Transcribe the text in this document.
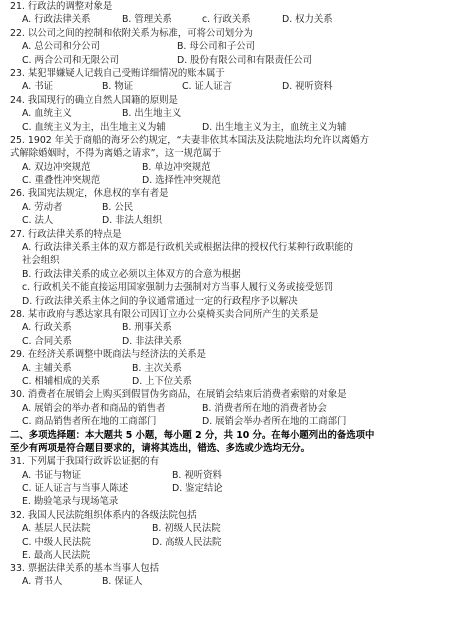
21. 行政法的调整对象是
A. 行政法律关系	B. 管理关系	c. 行政关系	D. 权力关系
22. 以公司之间的控制和依附关系为标准，可将公司划分为
A. 总公司和分公司	B. 母公司和子公司
C. 两合公司和无限公司	D. 股份有限公司和有限责任公司
23. 某犯罪嫌疑人记载自己受贿详细情况的账本属于
A. 书证	B. 物证	C. 证人证言	D. 视听资料
24. 我国现行的确立自然人国籍的原则是
A. 血统主义	B. 出生地主义
C. 血统主义为主，出生地主义为辅	D. 出生地主义为主，血统主义为辅
25. 1902 年关于商船的海牙公约规定，“夫妻非依其本国法及法院地法均允许以离婚方
式解除婚姻时，不得为离婚之请求”，这一规范属于
A. 双边冲突规范	B. 单边冲突规范
C. 重叠性冲突规范	D. 选择性冲突规范
26. 我国宪法规定，休息权的享有者是
A. 劳动者	B. 公民
C. 法人	D. 非法人组织
27. 行政法律关系的特点是
A. 行政法律关系主体的双方都是行政机关或根据法律的授权代行某种行政职能的
社会组织
B. 行政法律关系的成立必须以主体双方的合意为根据
c. 行政机关不能直接运用国家强制力去强制对方当事人履行义务或接受惩罚
D. 行政法律关系主体之间的争议通常通过一定的行政程序予以解决
28. 某市政府与悉达家具有限公司因订立办公桌椅买卖合同所产生的关系是
A. 行政关系	B. 刑事关系
C. 合同关系	D. 非法律关系
29. 在经济关系调整中既商法与经济法的关系是
A. 主辅关系	B. 主次关系
C. 相辅相成的关系	D. 上下位关系
30. 消费者在展销会上购买到假冒伪劣商品，在展销会结束后消费者索赔的对象是
A. 展销会的举办者和商品的销售者	B. 消费者所在地的消费者协会
C. 商品销售者所在地的工商部门	D. 展销会举办者所在地的工商部门
二、多项选择题：本大题共 5 小题，每小题 2 分，共 10 分。在每小题列出的备选项中
至少有两项是符合题目要求的，请将其选出，错选、多选或少选均无分。
31. 下列属于我国行政诉讼证据的有
A. 书证与物证	B. 视听资料
C. 证人证言与当事人陈述	D. 鉴定结论
E. 勘验笔录与现场笔录
32. 我国人民法院组织体系内的各级法院包括
A. 基层人民法院	B. 初级人民法院
C. 中级人民法院	D. 高级人民法院
E. 最高人民法院
33. 票据法律关系的基本当事人包括
A. 背书人	B. 保证人
